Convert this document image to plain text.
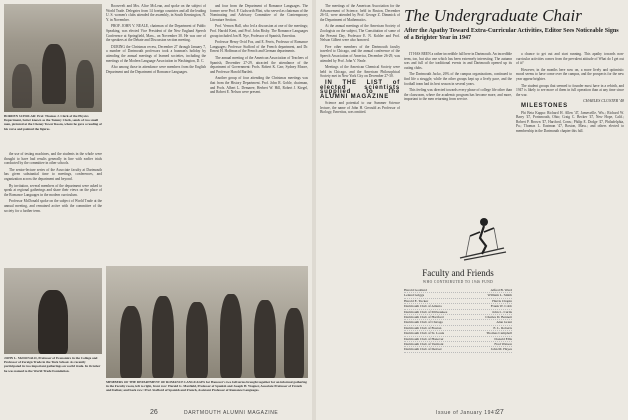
BORDEN SCHOLAR: Prof. Thomas J. Clark of the Physics Department, better known as the Tommy Clark, sends of two small men, pictured at the Cheney Tower Room, where he gave a reading of his verse and painted the figures.

the use of testing machines, and the students in the whole were thought to have had results generally in line with earlier trials conducted by the committee in other schools.

The senior-lecture series of the Associate faculty at Dartmouth has given substantial time to meetings, conferences, and organization across the department and beyond.

By invitation, several members of the department were asked to speak at regional gatherings and share their views on the place of the Romance Languages in the modern curriculum.

Professor McDonald spoke on the subject of World Trade at the annual meeting, and remained active with the committee of the society for a further term.

Roosevelt and Mrs. Alice McLean, and spoke on the subject of World Trade. Delegates from 14 foreign countries and all the leading U. S. women's clubs attended the assembly, in South Kensington, N. Y. in November.

PROF. JOHN V. NEALE, chairman of the Department of Public Speaking, was elected Vice President of the New England Speech Conference at Springfield, Mass., on November 30. He was one of the speakers at the Debate and Discussion section meeting.

DURING the Christmas recess, December 27 through January 7, a number of Dartmouth professors took a busman's holiday by attending the annual meetings of learned societies, including the meetings of the Modern Language Association in Washington, D. C.

Also among those in attendance were members from the English Department and the Department of Romance Languages.

and four from the Department of Romance Languages. The former were Prof. F. Cudworth Flint, who served as chairman of the Nominating and Advisory Committee of the Contemporary Literature Section.

Prof. Vernon Hall, who led a discussion at one of the meetings; Prof. Harold Kent, and Prof. John Bixby. The Romance Languages group included Jon H. Nye, Professor of Spanish, Emeritus.

Professor Henry Ovid Fox, and E. Ferris, Professor of Romance Languages; Professor Stafford of the French department, and Dr. Ernest H. Hoffman of the French and German departments.

The annual meeting of the American Association of Teachers of Spanish, December 27-29, attracted the attendance of the department of Government: Profs. Robert K. Carr, Sydney Moore, and Professor Harold Bartlett.

Another group of four attending the Christmas meetings was that from the History Department. Prof. John R. Goble, chairman, and Profs. Albert L. Demaree, Herbert W. Hill, Robert J. Kiegel, and Robert E. Nelson were present.

JOHN L. McDONALD, Professor of Economics in the College and Professor of Foreign Trade in the Tuck School. As recently participated in two important gatherings on world trade. In October he was named to the World Trade Foundation.
MEMBERS OF THE DEPARTMENT OF ROMANCE LANGUAGES for Hanover's two fall terms brought together for an informal gathering in the Faculty room, left to right, front row: Harold G. Maxfield, Professor of Spanish and Joseph H. Wagner, Associate Professor of French and Italian; and back row: Prof. Stafford of Spanish and French, Assistant Professor of Romance Languages.
26	DARTMOUTH ALUMNI MAGAZINE

The meetings of the American Association for the Advancement of Science, held in Boston, December 26-31, were attended by Prof. George Z. Dimmick of the Department of Mathematics.

At the annual meetings of the American Society of Zoologists on the subject, The Constitution of some of the Present Day, Professor E. N. Kohler and Prof. Nelson Gilbert were also honored.

Five other members of the Dartmouth faculty traveled to Chicago, and the annual conference of the Speech Association of America, December 26-29, was attended by Prof. John V. Neale.

Meetings of the American Chemical Society were held in Chicago, and the American Philosophical Society met in New York City on December 27-30.

IN THE LIST of elected scientists supplied to the ALUMNI MAGAZINE

Science and potential to our Summer Science lecture, the name of John H. Gerould as Professor of Biology, Emeritus, was omitted.

The Undergraduate Chair
After the Apathy Toward Extra-Curricular Activities, Editor Sees Noticeable Signs of a Brighter Year in 1947

IT HAS BEEN a rather incredible fall here in Dartmouth. An incredible term, too, but also one which has been extremely interesting. The autumn was and full of the traditional events in and Dartmouth opened up its outing clubs.

The Dartmouth Jacko, 26% of the campus organizations, continued to find life a struggle, while the other groups kept up a lively pace, and the football team had its best season in several years.

This feeling was directed towards every phase of college life other than the classroom, where the academic program has become more, and more, important to the men returning from service.

a chance to get out and start running. This apathy towards non-curricular activities comes from the prevalent attitude of What do I get out of it?

However, in the months here now on, a more lively and optimistic mood seems to have come over the campus, and the prospects for the new year appear brighter.

The student groups that seemed to founder most have in a rebirth, and 1947 is likely to see more of them in full operation than at any time since the war.

CHARLES CLUSTER '48

MILESTONES

Phi Beta Kappa: Richard H. Allen '47, Jamesville, Wis.; Richard W. Barry '47, Portsmouth, Ohio; Craig C. Becker '47, New Hope, Calif.; Robert P. Brown '47, Hartford, Conn.; Philip E. Dodge '47, Philadelphia, Pa.; Thomas L. Eastman '47, Boston, Mass.; and others elected to membership in the Dartmouth chapter this fall.

Faculty and Friends
WHO CONTRIBUTED TO 1946 FUND
Harold Goddard	Alfred B. Ward
Leland Griggs	William L. Smith
Harold E. Tucker	Harris Chapin
Dartmouth Club of Atlanta	Frank W. Cobb
Dartmouth Club of Milwaukee	John L. Curtis
Dartmouth Club of Hartford	Charles D. Bennett
Dartmouth Club of Chicago	Alan Grant
Dartmouth Club of Boston	E. L. Roberts
Dartmouth Club of St. Louis	Thomas Campbell
Dartmouth Club of Hanover	Donald Ellis
Dartmouth Club of Vermont	Fred Watson
Dartmouth Club of Denver	John M. Hayes
Issue of January 1947
27
